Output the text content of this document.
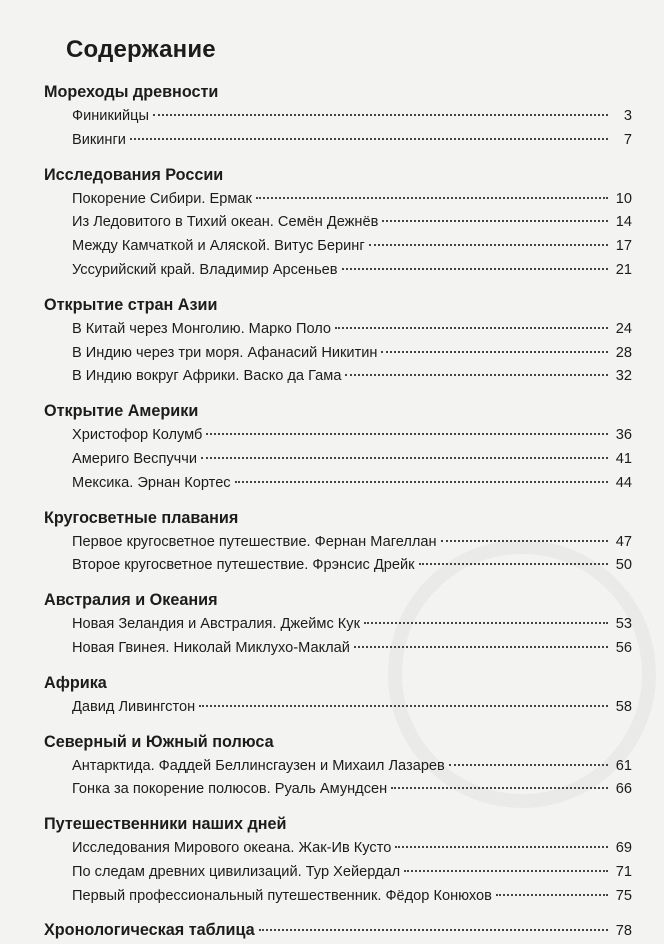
Содержание
Мореходы древности
Финикийцы	3
Викинги	7
Исследования России
Покорение Сибири. Ермак	10
Из Ледовитого в Тихий океан. Семён Дежнёв	14
Между Камчаткой и Аляской. Витус Беринг	17
Уссурийский край. Владимир Арсеньев	21
Открытие стран Азии
В Китай через Монголию. Марко Поло	24
В Индию через три моря. Афанасий Никитин	28
В Индию вокруг Африки. Васко да Гама	32
Открытие Америки
Христофор Колумб	36
Америго Веспуччи	41
Мексика. Эрнан Кортес	44
Кругосветные плавания
Первое кругосветное путешествие. Фернан Магеллан	47
Второе кругосветное путешествие. Фрэнсис Дрейк	50
Австралия и Океания
Новая Зеландия и Австралия. Джеймс Кук	53
Новая Гвинея. Николай Миклухо-Маклай	56
Африка
Давид Ливингстон	58
Северный и Южный полюса
Антарктида. Фаддей Беллинсгаузен и Михаил Лазарев	61
Гонка за покорение полюсов. Руаль Амундсен	66
Путешественники наших дней
Исследования Мирового океана. Жак-Ив Кусто	69
По следам древних цивилизаций. Тур Хейердал	71
Первый профессиональный путешественник. Фёдор Конюхов	75
Хронологическая таблица	78
